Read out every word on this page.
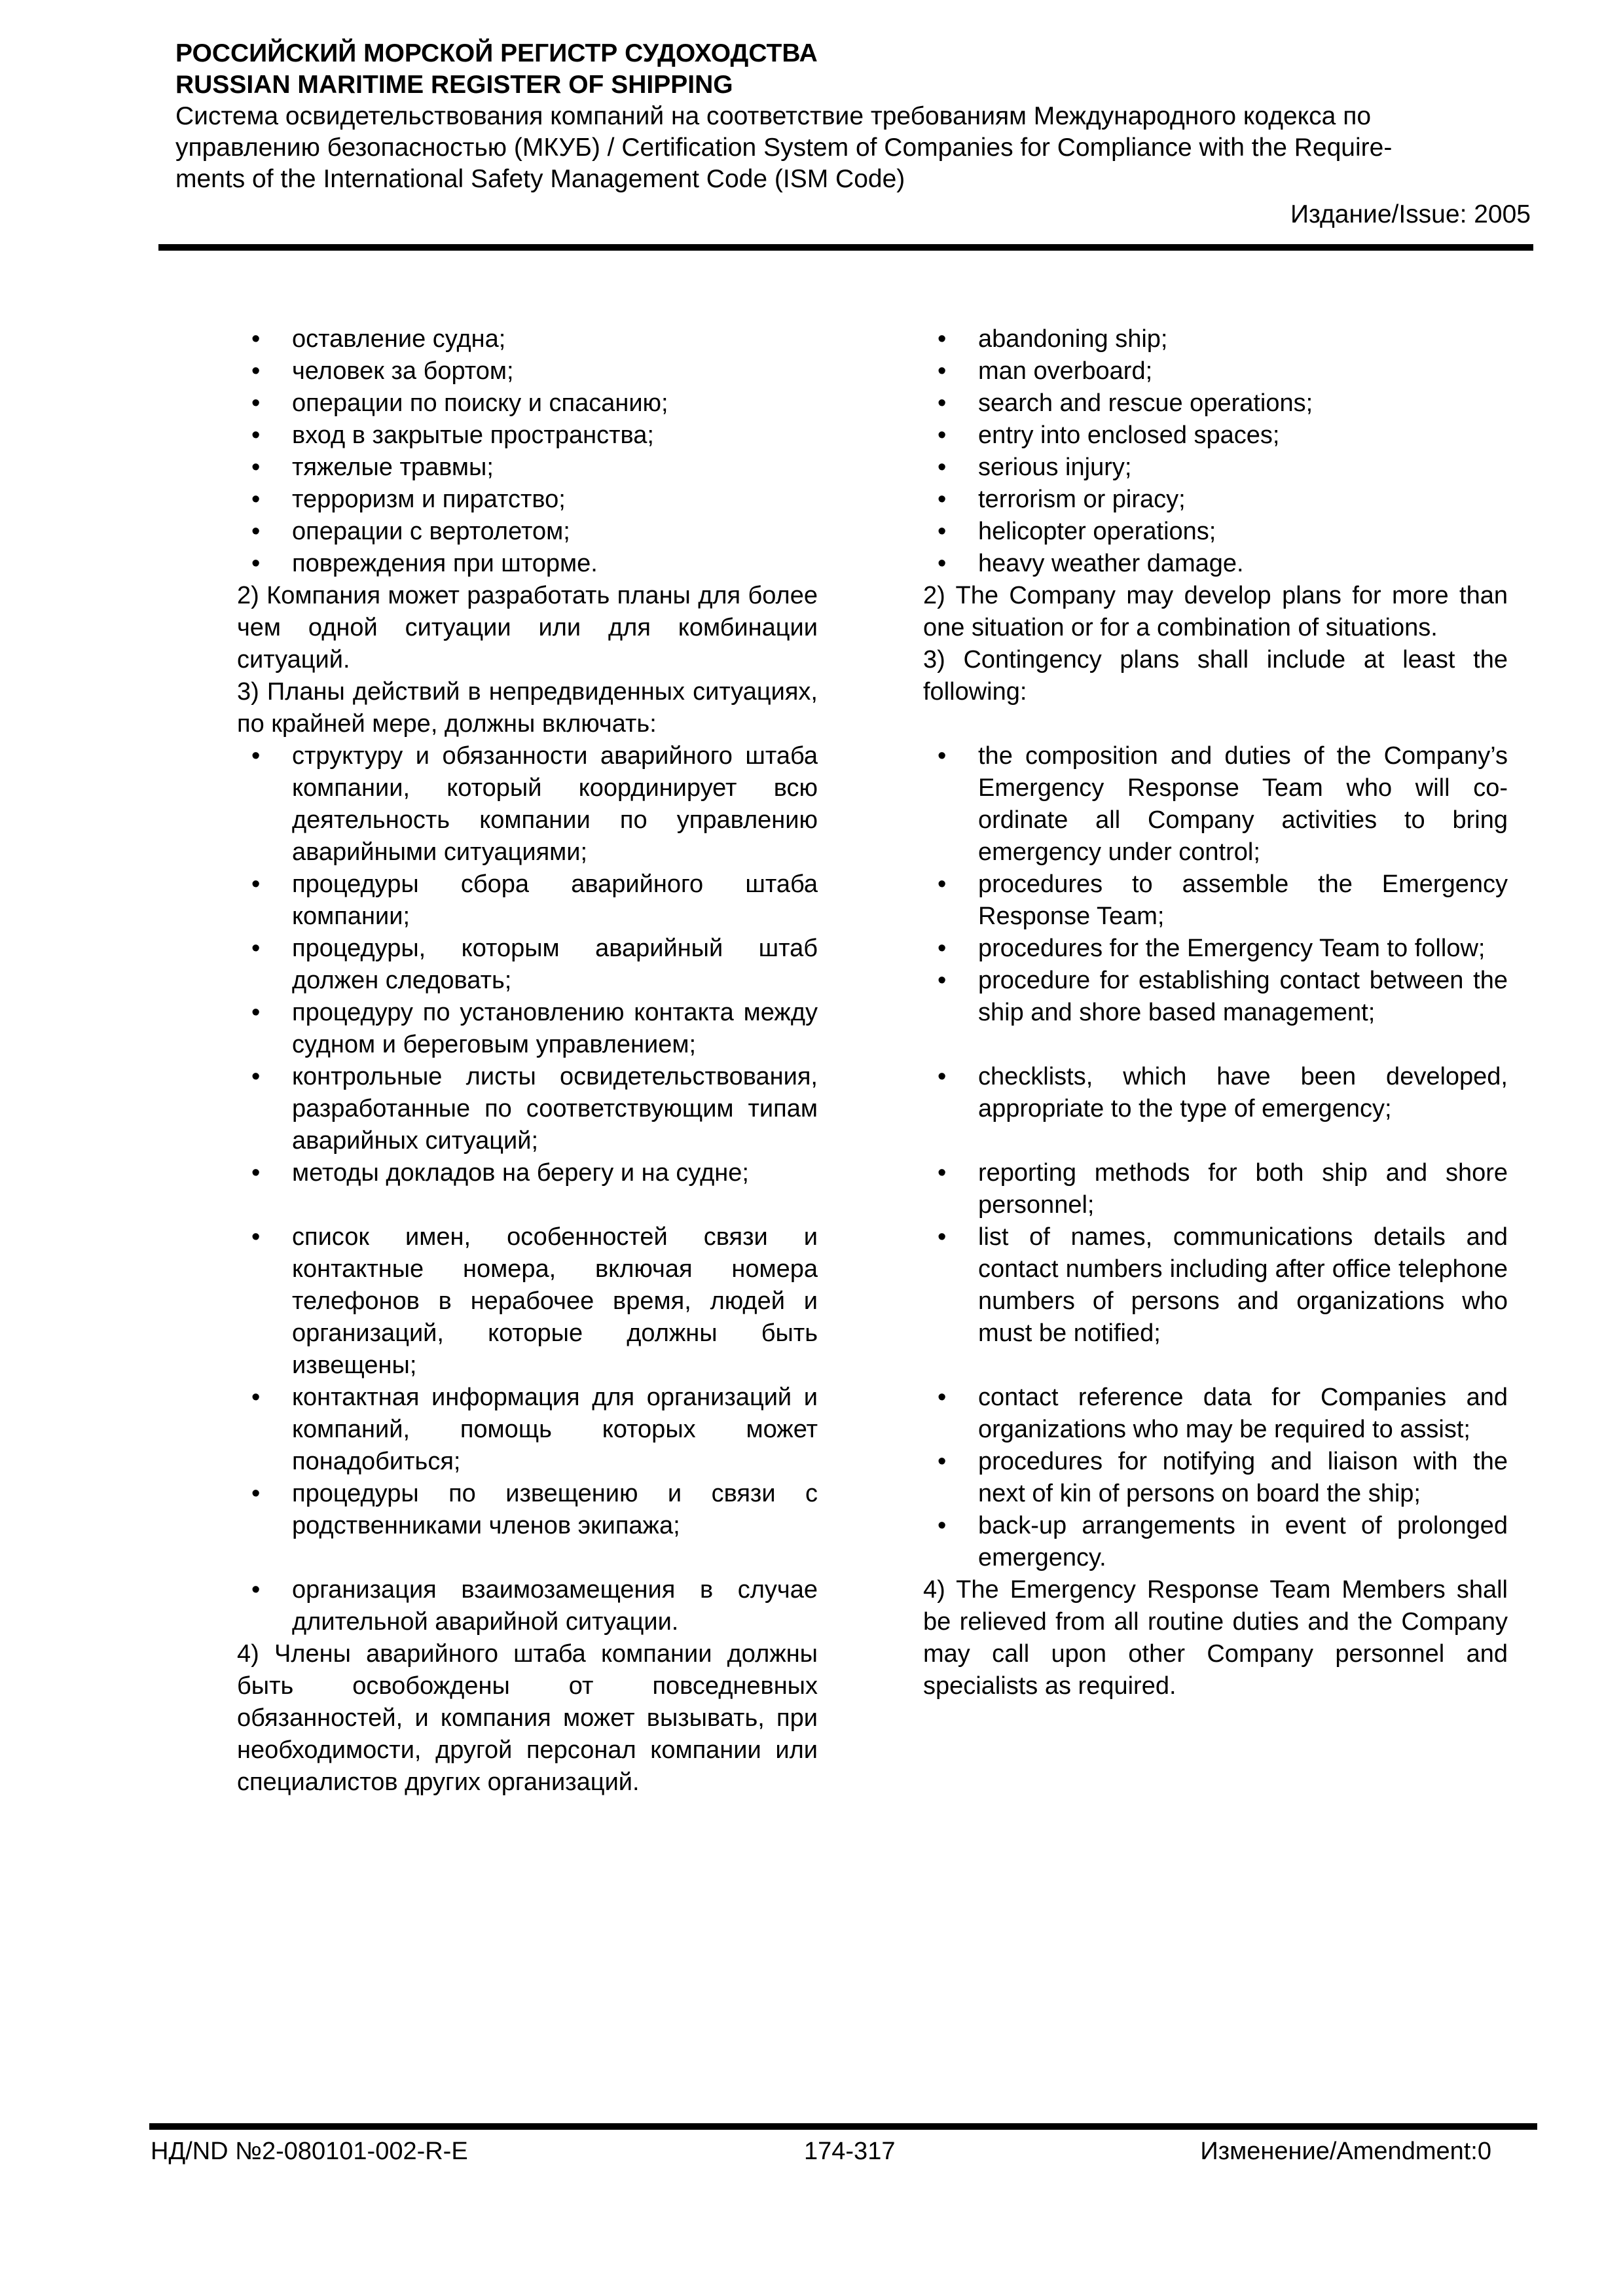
РОССИЙСКИЙ МОРСКОЙ РЕГИСТР СУДОХОДСТВА
RUSSIAN MARITIME REGISTER OF SHIPPING
Система освидетельствования компаний на соответствие требованиям Международного кодекса по
управлению безопасностью (МКУБ) / Certification System of Companies for Compliance with the Require-
ments of the International Safety Management Code (ISM Code)
Издание/Issue: 2005
• оставление судна;
• человек за бортом;
• операции по поиску и спасанию;
• вход в закрытые пространства;
• тяжелые травмы;
• терроризм и пиратство;
• операции с вертолетом;
• повреждения при шторме.

2) Компания может разработать планы для более чем одной ситуации или для комбинации ситуаций.

3) Планы действий в непредвиденных ситуациях, по крайней мере, должны включать:

• структуру и обязанности аварийного штаба компании, который координирует всю деятельность компании по управлению аварийными ситуациями;
• процедуры сбора аварийного штаба компании;
• процедуры, которым аварийный штаб должен следовать;
• процедуру по установлению контакта между судном и береговым управлением;
• контрольные листы освидетельствования, разработанные по соответствующим типам аварийных ситуаций;
• методы докладов на берегу и на судне;
• список имен, особенностей связи и контактные номера, включая номера телефонов в нерабочее время, людей и организаций, которые должны быть извещены;
• контактная информация для организаций и компаний, помощь которых может понадобиться;
• процедуры по извещению и связи с родственниками членов экипажа;
• организация взаимозамещения в случае длительной аварийной ситуации.

4) Члены аварийного штаба компании должны быть освобождены от повседневных обязанностей, и компания может вызывать, при необходимости, другой персонал компании или специалистов других организаций.

• abandoning ship;
• man overboard;
• search and rescue operations;
• entry into enclosed spaces;
• serious injury;
• terrorism or piracy;
• helicopter operations;
• heavy weather damage.

2) The Company may develop plans for more than one situation or for a combination of situations.

3) Contingency plans shall include at least the following:

• the composition and duties of the Company’s Emergency Response Team who will co-ordinate all Company activities to bring emergency under control;
• procedures to assemble the Emergency Response Team;
• procedures for the Emergency Team to follow;
• procedure for establishing contact between the ship and shore based management;
• checklists, which have been developed, appropriate to the type of emergency;
• reporting methods for both ship and shore personnel;
• list of names, communications details and contact numbers including after office telephone numbers of persons and organizations who must be notified;
• contact reference data for Companies and organizations who may be required to assist;
• procedures for notifying and liaison with the next of kin of persons on board the ship;
• back-up arrangements in event of prolonged emergency.

4) The Emergency Response Team Members shall be relieved from all routine duties and the Company may call upon other Company personnel and specialists as required.

НД/ND №2-080101-002-R-E	174-317	Изменение/Amendment:0
